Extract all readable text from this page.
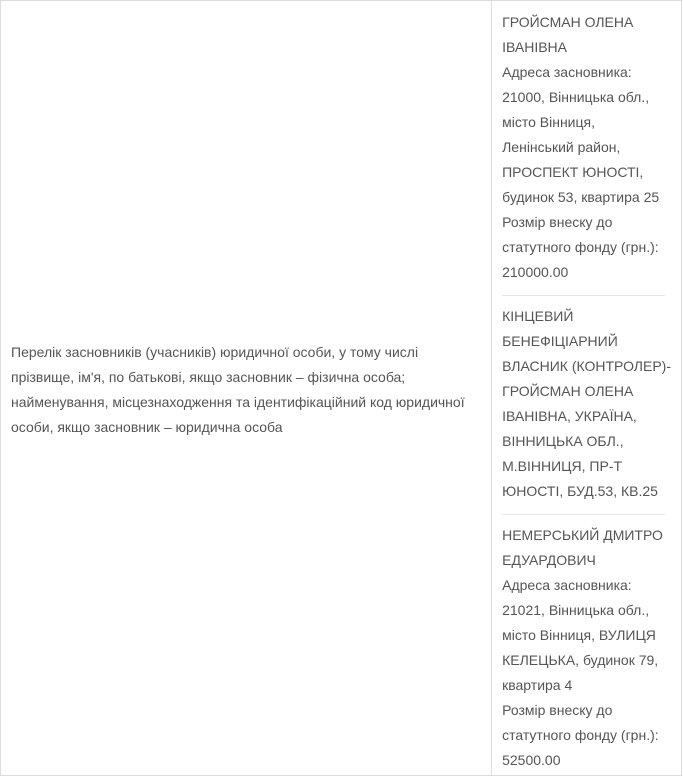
Перелік засновників (учасників) юридичної особи, у тому числі
прізвище, ім'я, по батькові, якщо засновник – фізична особа;
найменування, місцезнаходження та ідентифікаційний код юридичної
особи, якщо засновник – юридична особа
ГРОЙСМАН ОЛЕНА
ІВАНІВНА
Адреса засновника:
21000, Вінницька обл.,
місто Вінниця,
Ленінський район,
ПРОСПЕКТ ЮНОСТІ,
будинок 53, квартира 25
Розмір внеску до
статутного фонду (грн.):
210000.00
КІНЦЕВИЙ
БЕНЕФІЦІАРНИЙ
ВЛАСНИК (КОНТРОЛЕР)-
ГРОЙСМАН ОЛЕНА
ІВАНІВНА, УКРАЇНА,
ВІННИЦЬКА ОБЛ.,
М.ВІННИЦЯ, ПР-Т
ЮНОСТІ, БУД.53, КВ.25
НЕМЕРСЬКИЙ ДМИТРО
ЕДУАРДОВИЧ
Адреса засновника:
21021, Вінницька обл.,
місто Вінниця, ВУЛИЦЯ
КЕЛЕЦЬКА, будинок 79,
квартира 4
Розмір внеску до
статутного фонду (грн.):
52500.00
